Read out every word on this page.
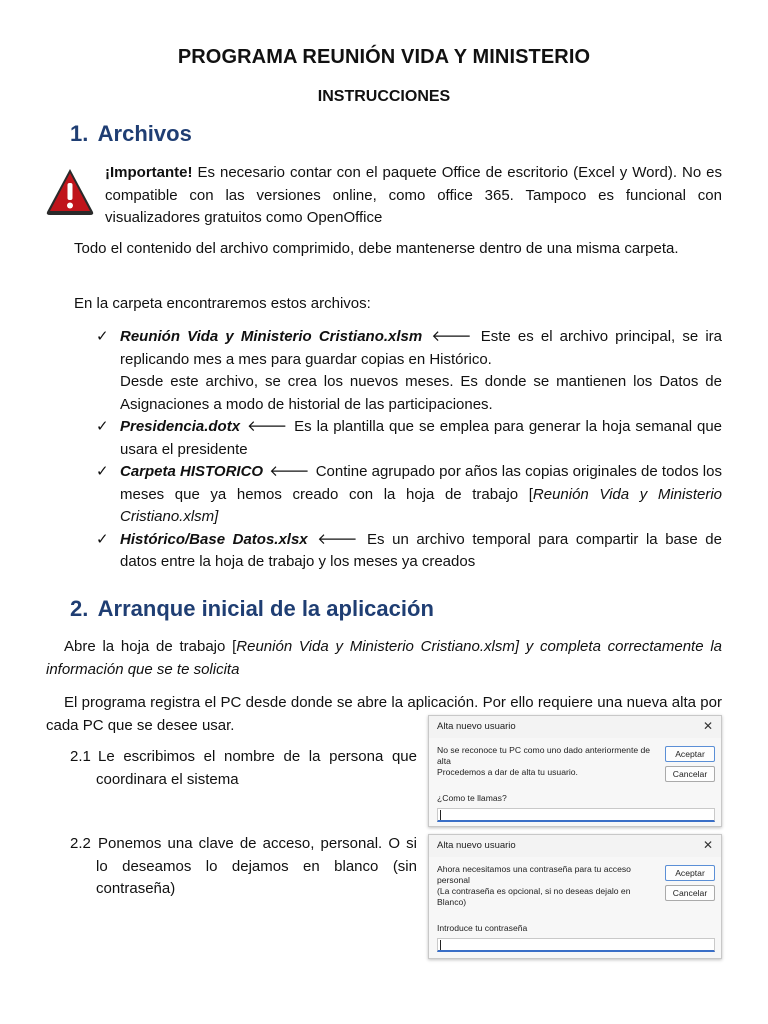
PROGRAMA REUNIÓN VIDA Y MINISTERIO
INSTRUCCIONES
1. Archivos
¡Importante! Es necesario contar con el paquete Office de escritorio (Excel y Word). No es compatible con las versiones online, como office 365. Tampoco es funcional con visualizadores gratuitos como OpenOffice
Todo el contenido del archivo comprimido, debe mantenerse dentro de una misma carpeta.
En la carpeta encontraremos estos archivos:
✓ Reunión Vida y Ministerio Cristiano.xlsm 🡐 Este es el archivo principal, se ira replicando mes a mes para guardar copias en Histórico.
Desde este archivo, se crea los nuevos meses. Es donde se mantienen los Datos de Asignaciones a modo de historial de las participaciones.
✓ Presidencia.dotx 🡐 Es la plantilla que se emplea para generar la hoja semanal que usara el presidente
✓ Carpeta HISTORICO 🡐 Contine agrupado por años las copias originales de todos los meses que ya hemos creado con la hoja de trabajo [Reunión Vida y Ministerio Cristiano.xlsm]
✓ Histórico/Base Datos.xlsx 🡐 Es un archivo temporal para compartir la base de datos entre la hoja de trabajo y los meses ya creados
2. Arranque inicial de la aplicación
Abre la hoja de trabajo [Reunión Vida y Ministerio Cristiano.xlsm] y completa correctamente la información que se te solicita
El programa registra el PC desde donde se abre la aplicación. Por ello requiere una nueva alta por cada PC que se desee usar.
2.1 Le escribimos el nombre de la persona que coordinara el sistema
2.2 Ponemos una clave de acceso, personal. O si lo deseamos lo dejamos en blanco (sin contraseña)
Alta nuevo usuario	✕
No se reconoce tu PC como uno dado anteriormente de alta
Procedemos a dar de alta tu usuario.
Aceptar
Cancelar
¿Como te llamas?
Alta nuevo usuario	✕
Ahora necesitamos una contraseña para tu acceso personal
(La contraseña es opcional, si no deseas dejalo en Blanco)
Aceptar
Cancelar
Introduce tu contraseña
